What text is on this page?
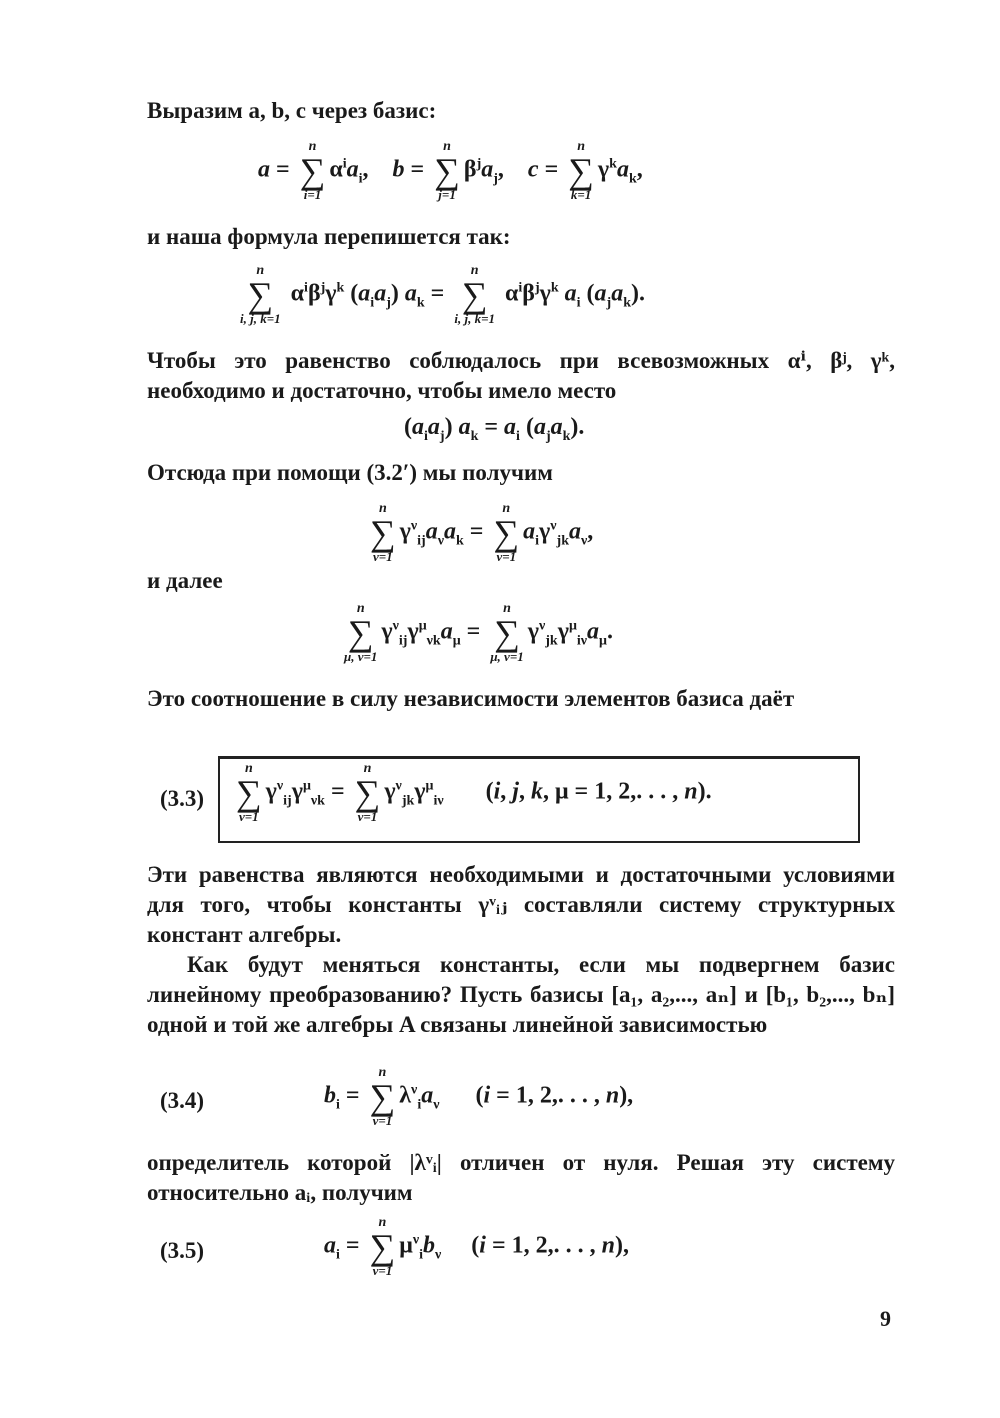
Выразим a, b, c через базис:
a =
n
∑
i=1
$\alpha^ia_i$,    b =
n
∑
j=1
$\beta^ja_j$,    c =
n
∑
k=1
$\gamma^ka_k$,
и наша формула перепишется так:
n
∑
i, j, k=1
$\alpha^i\beta^j\gamma^k$ $(a_ia_j) a_k$ =
n
∑
i, j, k=1
$\alpha^i\beta^j\gamma^k$ $a_i$ $(a_ja_k)$.
Чтобы это равенство соблюдалось при всевозможных αⁱ, βʲ, γᵏ, необходимо и достаточно, чтобы имело место
$(a_ia_j) a_k = a_i$ $(a_ja_k)$.
Отсюда при помощи (3.2′) мы получим
n
∑
ν=1
$\gamma^\nu_{ij}a_\nu a_k$ =
n
∑
ν=1
$a_i\gamma^\nu_{jk}a_\nu$,
и далее
n
∑
μ, ν=1
$\gamma^\nu_{ij}\gamma^\mu_{\nu k}a_\mu$ =
n
∑
μ, ν=1
$\gamma^\nu_{jk}\gamma^\mu_{i\nu}a_\mu$.
Это соотношение в силу независимости элементов базиса даёт
(3.3)
n
∑
ν=1
$\gamma^\nu_{ij}\gamma^\mu_{\nu k}$ =
n
∑
ν=1
$\gamma^\nu_{jk}\gamma^\mu_{i\nu}$       (i, j, k, μ = 1, 2,. . . , n).
Эти равенства являются необходимыми и достаточными условиями для того, чтобы константы γᵛᵢⱼ составляли систему структурных констант алгебры.
Как будут меняться константы, если мы подвергнем базис линейному преобразованию? Пусть базисы [a₁, a₂,..., aₙ] и [b₁, b₂,..., bₙ] одной и той же алгебры A связаны линейной зависимостью
(3.4)	$b_i$ =
n
∑
ν=1
$\lambda^\nu_ia_\nu$      (i = 1, 2,. . . , n),
определитель которой |λᵛᵢ| отличен от нуля. Решая эту систему относительно aᵢ, получим
(3.5)	$a_i$ =
n
∑
ν=1
$\mu^\nu_ib_\nu$     (i = 1, 2,. . . , n),
9
